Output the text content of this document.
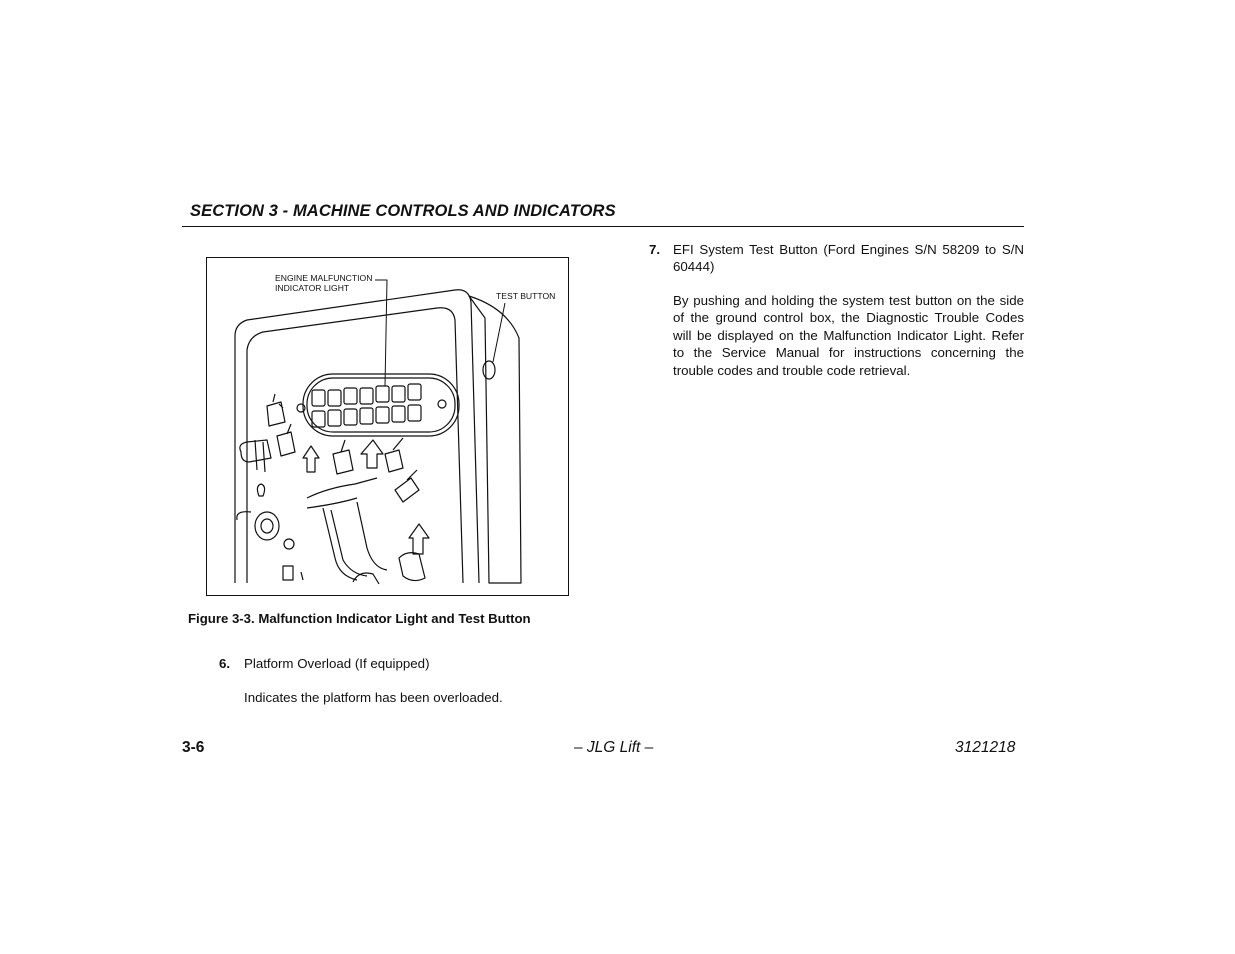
SECTION 3 - MACHINE CONTROLS AND INDICATORS
ENGINE MALFUNCTION
INDICATOR LIGHT
TEST BUTTON
Figure 3-3. Malfunction Indicator Light and Test Button
6. Platform Overload (If equipped)
Indicates the platform has been overloaded.
7. EFI System Test Button (Ford Engines S/N 58209 to S/N 60444)
By pushing and holding the system test button on the side of the ground control box, the Diagnostic Trouble Codes will be displayed on the Malfunction Indicator Light. Refer to the Service Manual for instructions concerning the trouble codes and trouble code retrieval.
3-6	– JLG Lift –	3121218
